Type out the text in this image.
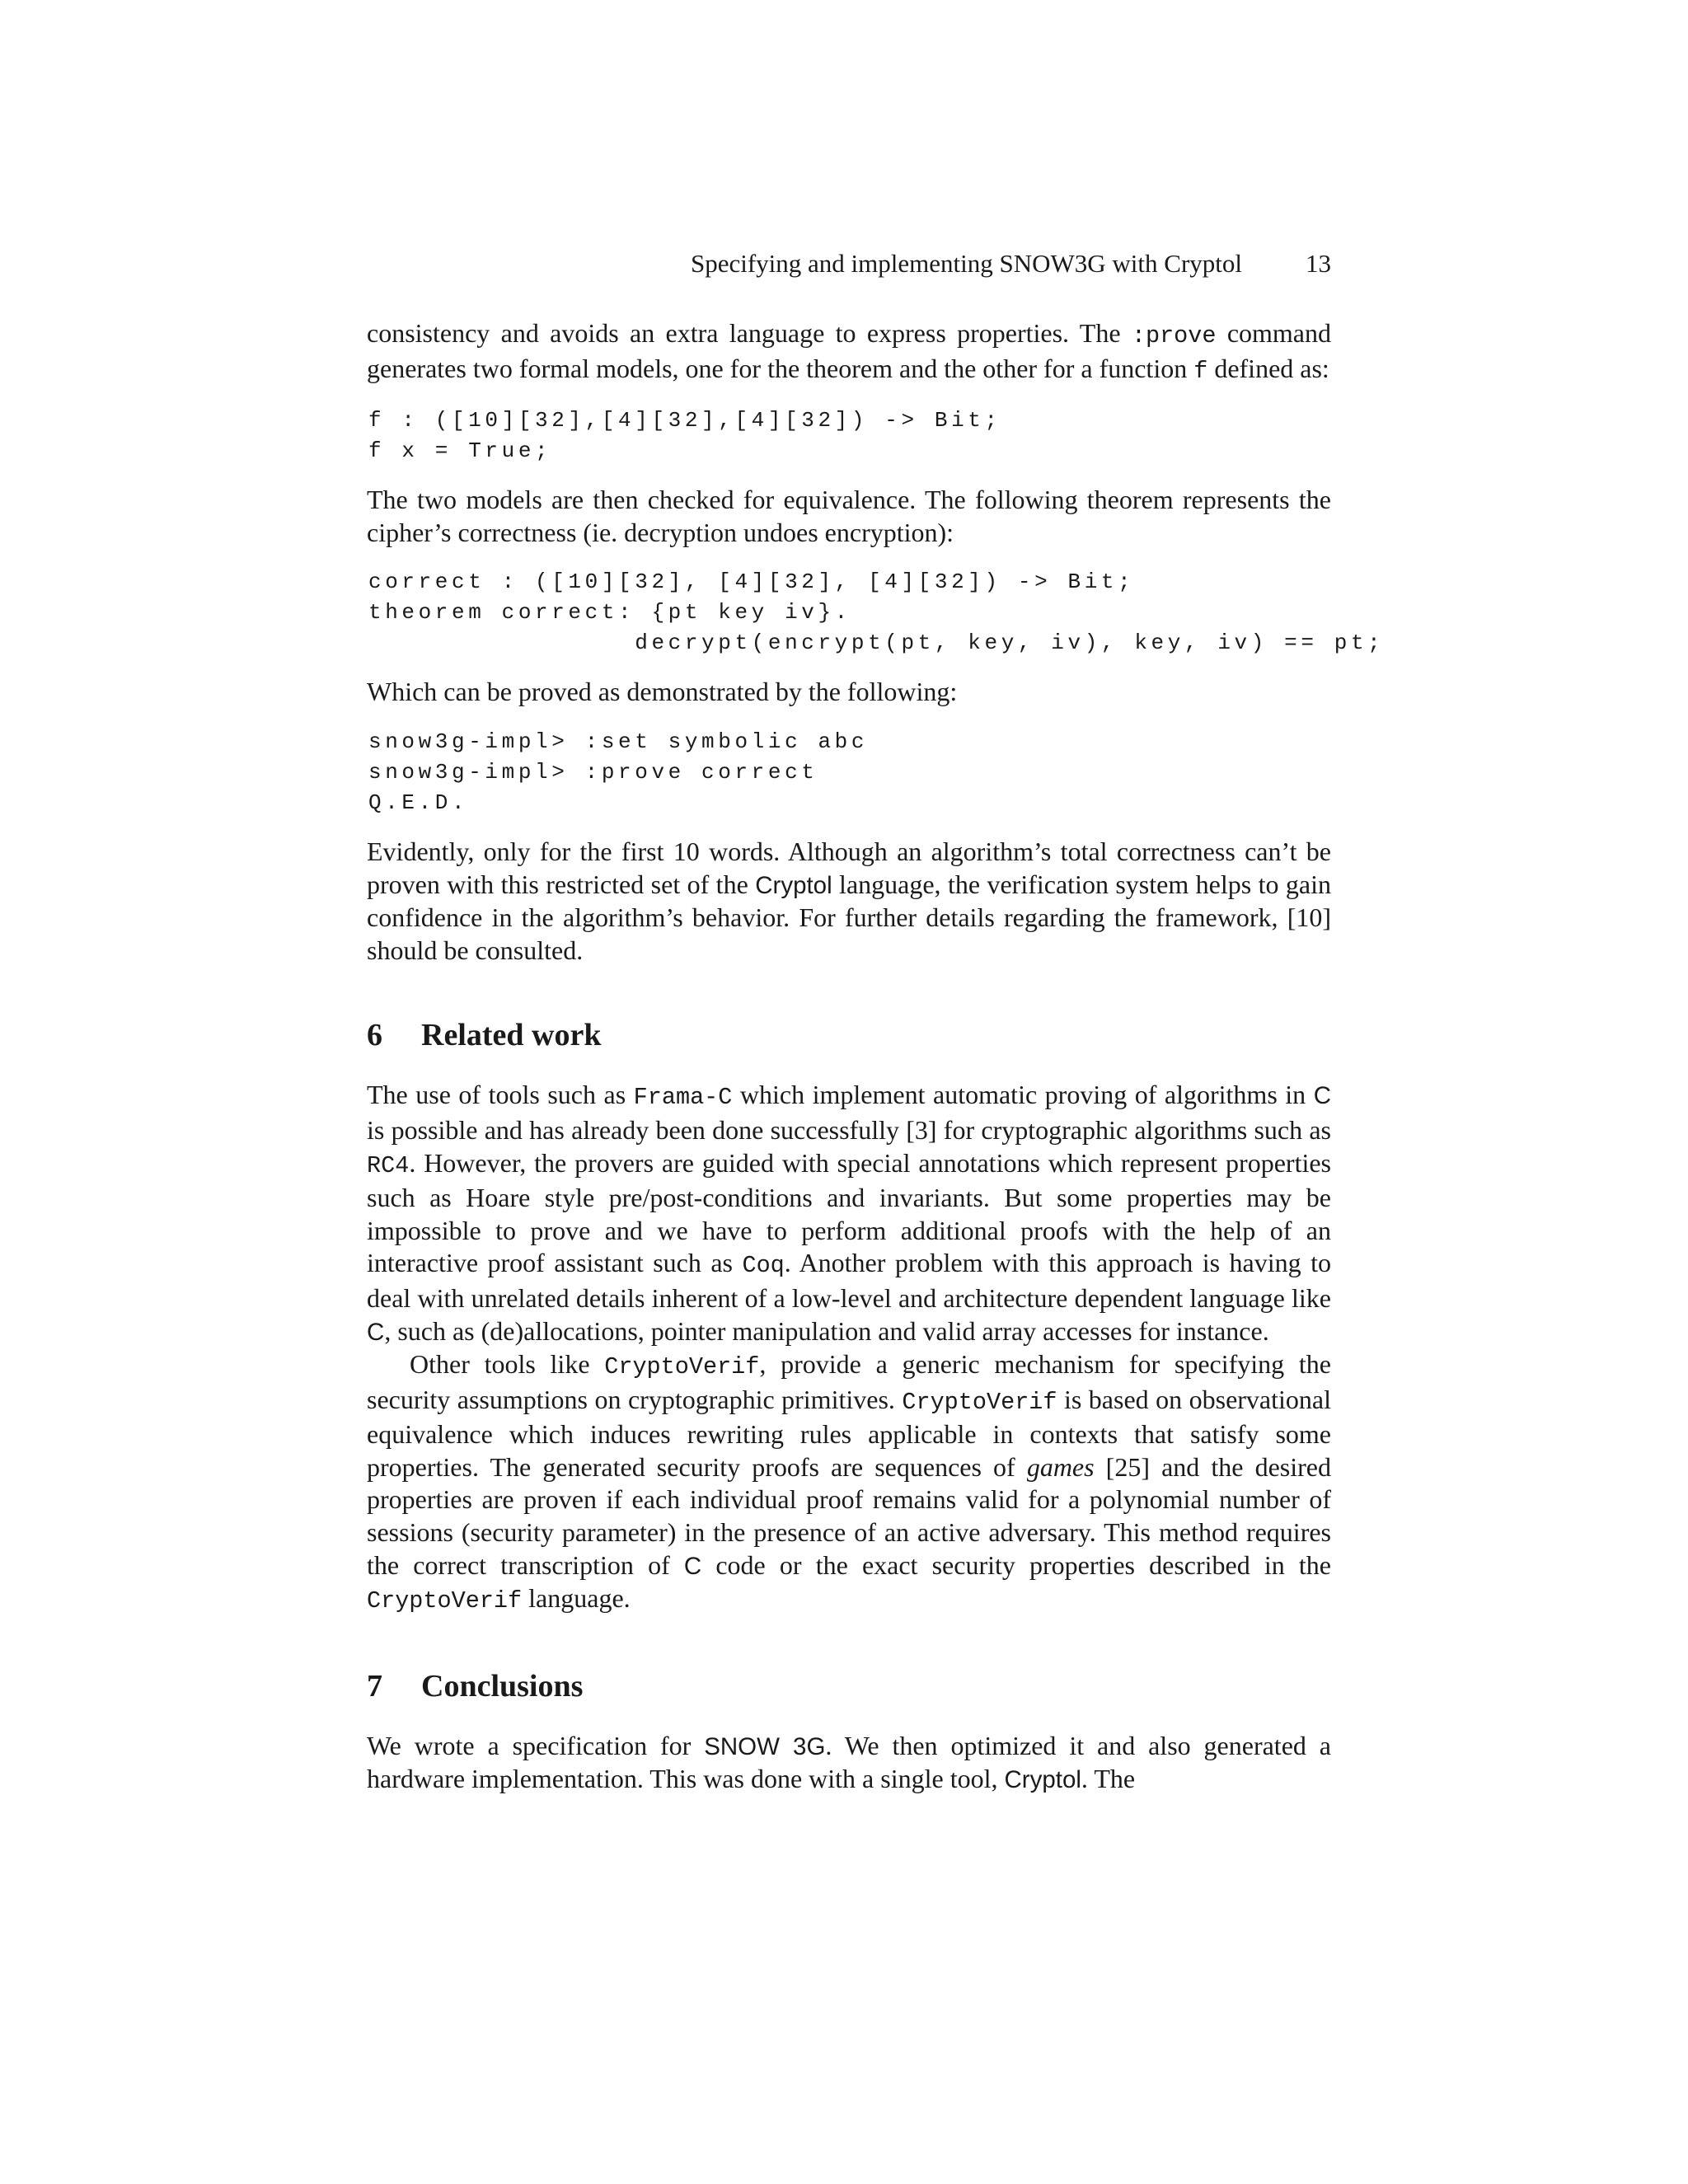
Specifying and implementing SNOW3G with Cryptol 13

consistency and avoids an extra language to express properties. The :prove command generates two formal models, one for the theorem and the other for a function f defined as:

f : ([10][32],[4][32],[4][32]) -> Bit;
f x = True;

The two models are then checked for equivalence. The following theorem represents the cipher’s correctness (ie. decryption undoes encryption):

correct : ([10][32], [4][32], [4][32]) -> Bit;
theorem correct: {pt key iv}.
decrypt(encrypt(pt, key, iv), key, iv) == pt;

Which can be proved as demonstrated by the following:

snow3g-impl> :set symbolic abc
snow3g-impl> :prove correct
Q.E.D.

Evidently, only for the first 10 words. Although an algorithm’s total correctness can’t be proven with this restricted set of the Cryptol language, the verification system helps to gain confidence in the algorithm’s behavior. For further details regarding the framework, [10] should be consulted.

6 Related work

The use of tools such as Frama-C which implement automatic proving of algorithms in C is possible and has already been done successfully [3] for cryptographic algorithms such as RC4. However, the provers are guided with special annotations which represent properties such as Hoare style pre/post-conditions and invariants. But some properties may be impossible to prove and we have to perform additional proofs with the help of an interactive proof assistant such as Coq. Another problem with this approach is having to deal with unrelated details inherent of a low-level and architecture dependent language like C, such as (de)allocations, pointer manipulation and valid array accesses for instance.

Other tools like CryptoVerif, provide a generic mechanism for specifying the security assumptions on cryptographic primitives. CryptoVerif is based on observational equivalence which induces rewriting rules applicable in contexts that satisfy some properties. The generated security proofs are sequences of games [25] and the desired properties are proven if each individual proof remains valid for a polynomial number of sessions (security parameter) in the presence of an active adversary. This method requires the correct transcription of C code or the exact security properties described in the CryptoVerif language.

7 Conclusions

We wrote a specification for SNOW 3G. We then optimized it and also generated a hardware implementation. This was done with a single tool, Cryptol. The
